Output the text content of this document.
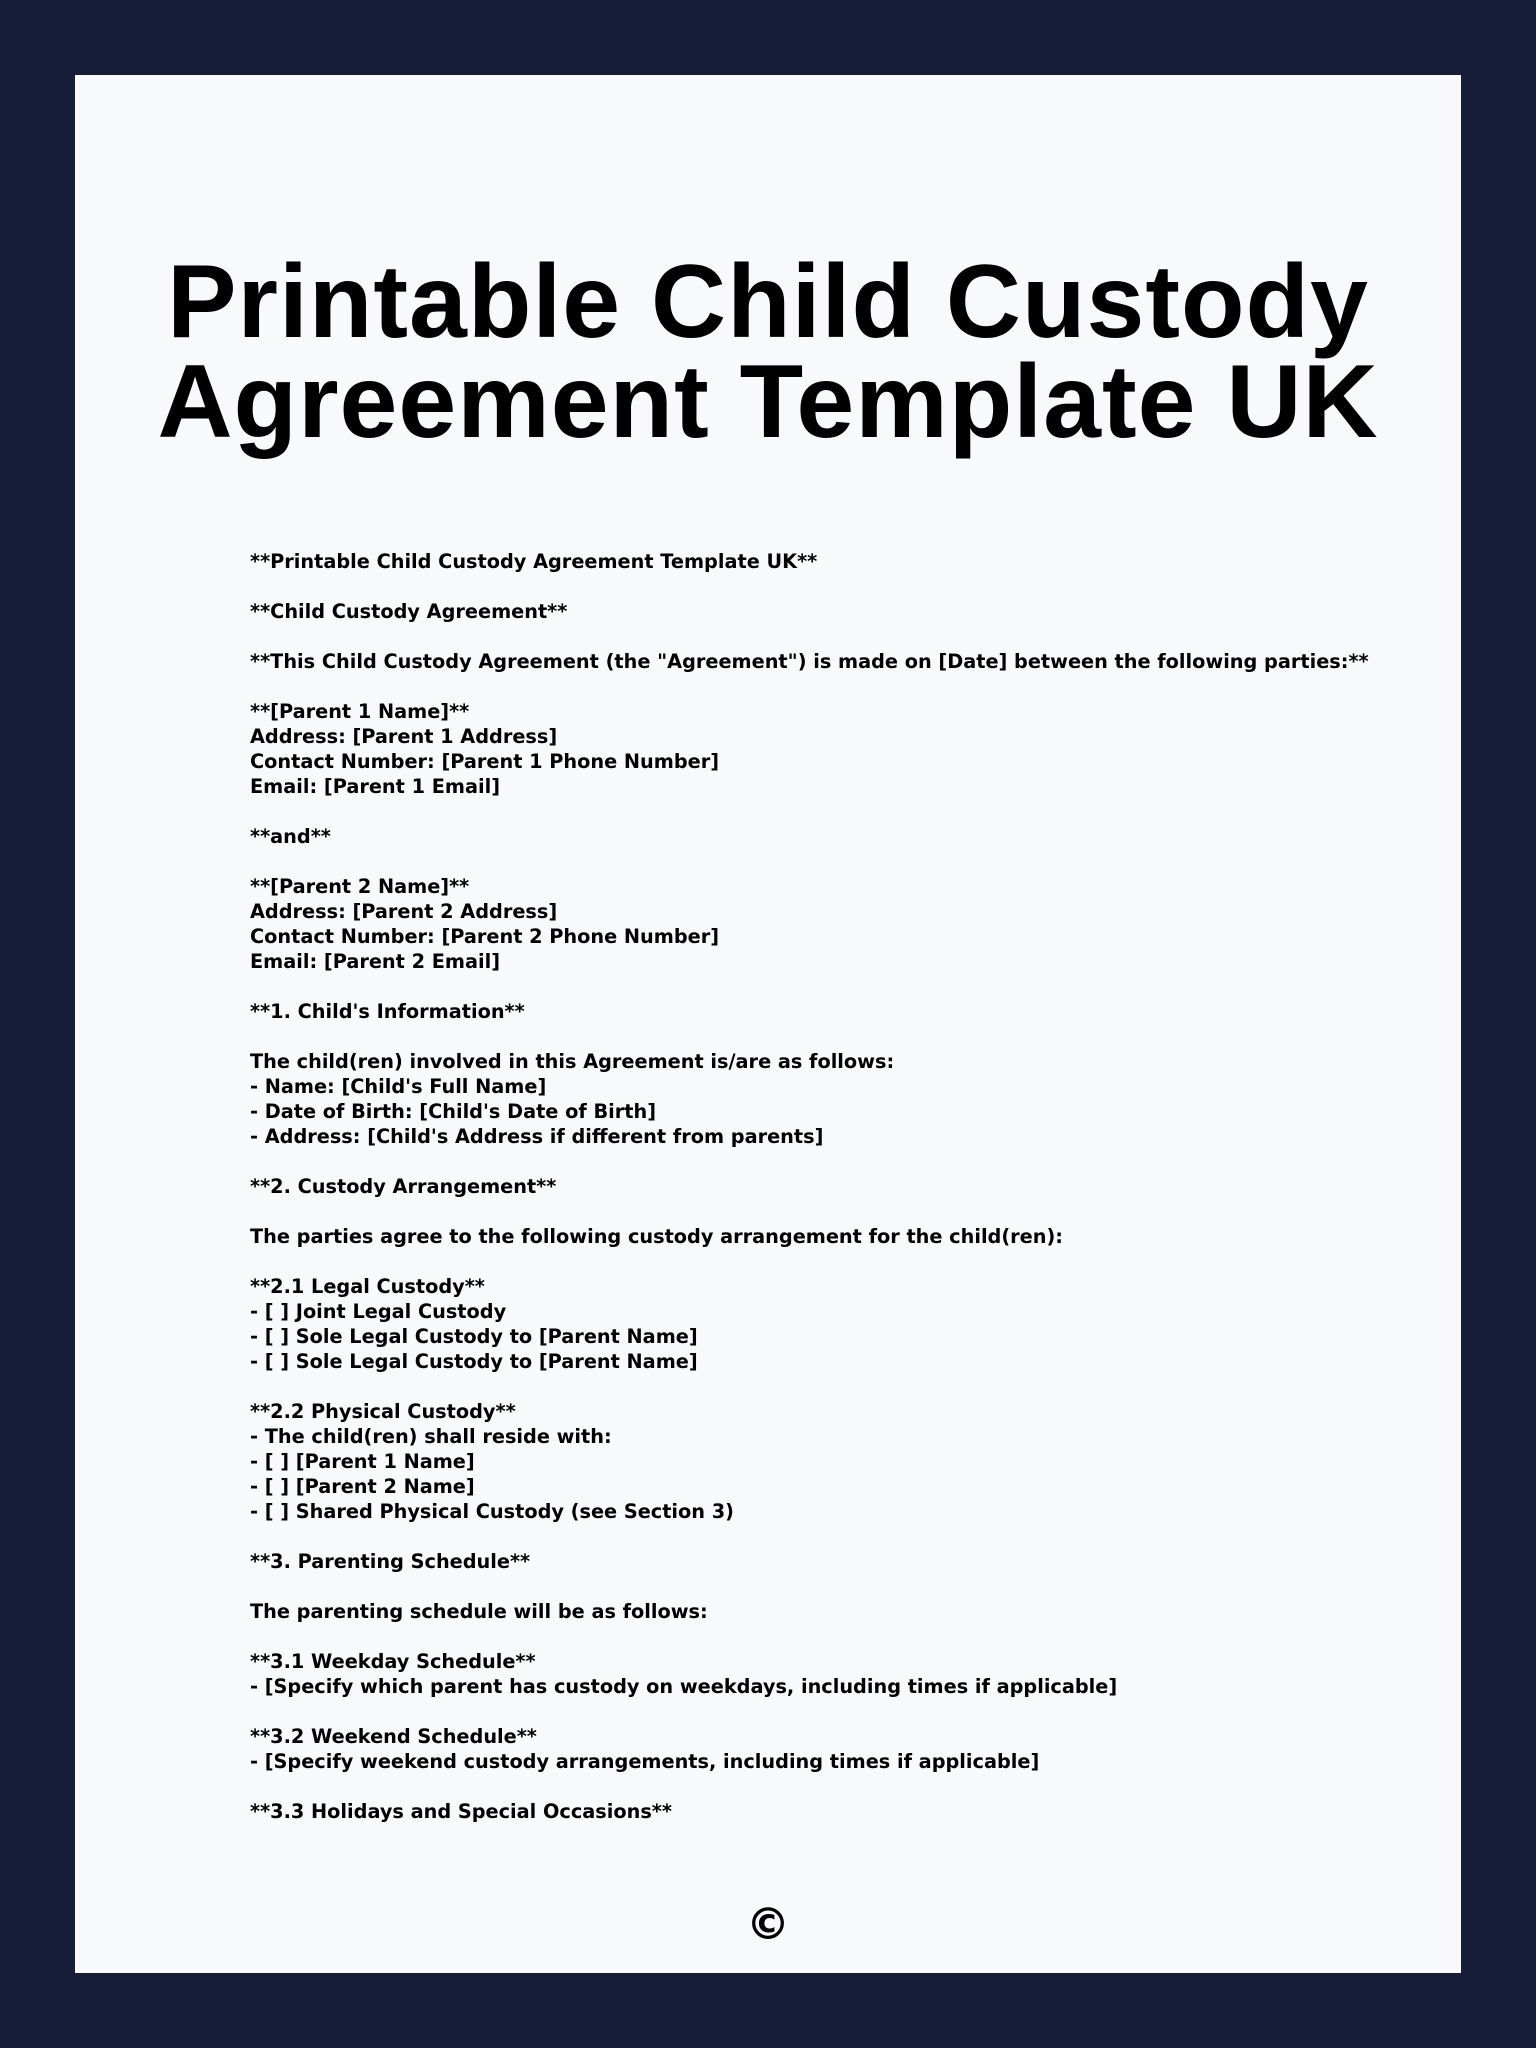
Printable Child Custody
Agreement Template UK
**Printable Child Custody Agreement Template UK**
**Child Custody Agreement**
**This Child Custody Agreement (the "Agreement") is made on [Date] between the following parties:**
**[Parent 1 Name]**
Address: [Parent 1 Address]
Contact Number: [Parent 1 Phone Number]
Email: [Parent 1 Email]
**and**
**[Parent 2 Name]**
Address: [Parent 2 Address]
Contact Number: [Parent 2 Phone Number]
Email: [Parent 2 Email]
**1. Child's Information**
The child(ren) involved in this Agreement is/are as follows:
- Name: [Child's Full Name]
- Date of Birth: [Child's Date of Birth]
- Address: [Child's Address if different from parents]
**2. Custody Arrangement**
The parties agree to the following custody arrangement for the child(ren):
**2.1 Legal Custody**
- [ ] Joint Legal Custody
- [ ] Sole Legal Custody to [Parent Name]
- [ ] Sole Legal Custody to [Parent Name]
**2.2 Physical Custody**
- The child(ren) shall reside with:
- [ ] [Parent 1 Name]
- [ ] [Parent 2 Name]
- [ ] Shared Physical Custody (see Section 3)
**3. Parenting Schedule**
The parenting schedule will be as follows:
**3.1 Weekday Schedule**
- [Specify which parent has custody on weekdays, including times if applicable]
**3.2 Weekend Schedule**
- [Specify weekend custody arrangements, including times if applicable]
**3.3 Holidays and Special Occasions**
©
